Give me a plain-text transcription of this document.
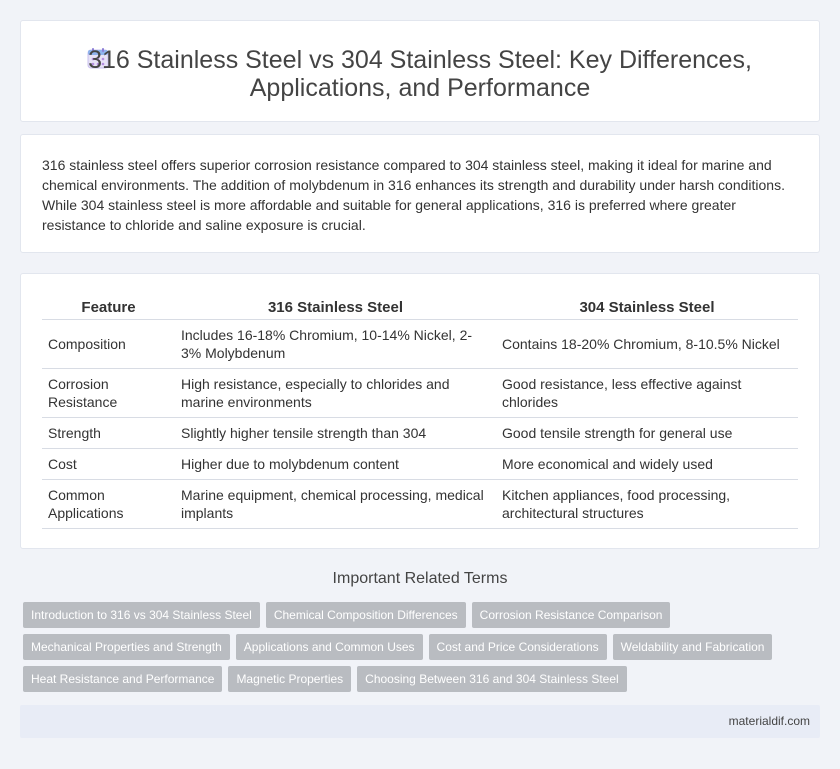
316 Stainless Steel vs 304 Stainless Steel: Key Differences,
Applications, and Performance

316 stainless steel offers superior corrosion resistance compared to 304 stainless steel, making it ideal for marine and chemical environments. The addition of molybdenum in 316 enhances its strength and durability under harsh conditions. While 304 stainless steel is more affordable and suitable for general applications, 316 is preferred where greater resistance to chloride and saline exposure is crucial.

Feature	316 Stainless Steel	304 Stainless Steel
Composition	Includes 16-18% Chromium, 10-14% Nickel, 2-3% Molybdenum	Contains 18-20% Chromium, 8-10.5% Nickel
Corrosion Resistance	High resistance, especially to chlorides and marine environments	Good resistance, less effective against chlorides
Strength	Slightly higher tensile strength than 304	Good tensile strength for general use
Cost	Higher due to molybdenum content	More economical and widely used
Common Applications	Marine equipment, chemical processing, medical implants	Kitchen appliances, food processing, architectural structures
Important Related Terms
Introduction to 316 vs 304 Stainless Steel	Chemical Composition Differences	Corrosion Resistance Comparison
Mechanical Properties and Strength	Applications and Common Uses	Cost and Price Considerations	Weldability and Fabrication
Heat Resistance and Performance	Magnetic Properties	Choosing Between 316 and 304 Stainless Steel
materialdif.com
